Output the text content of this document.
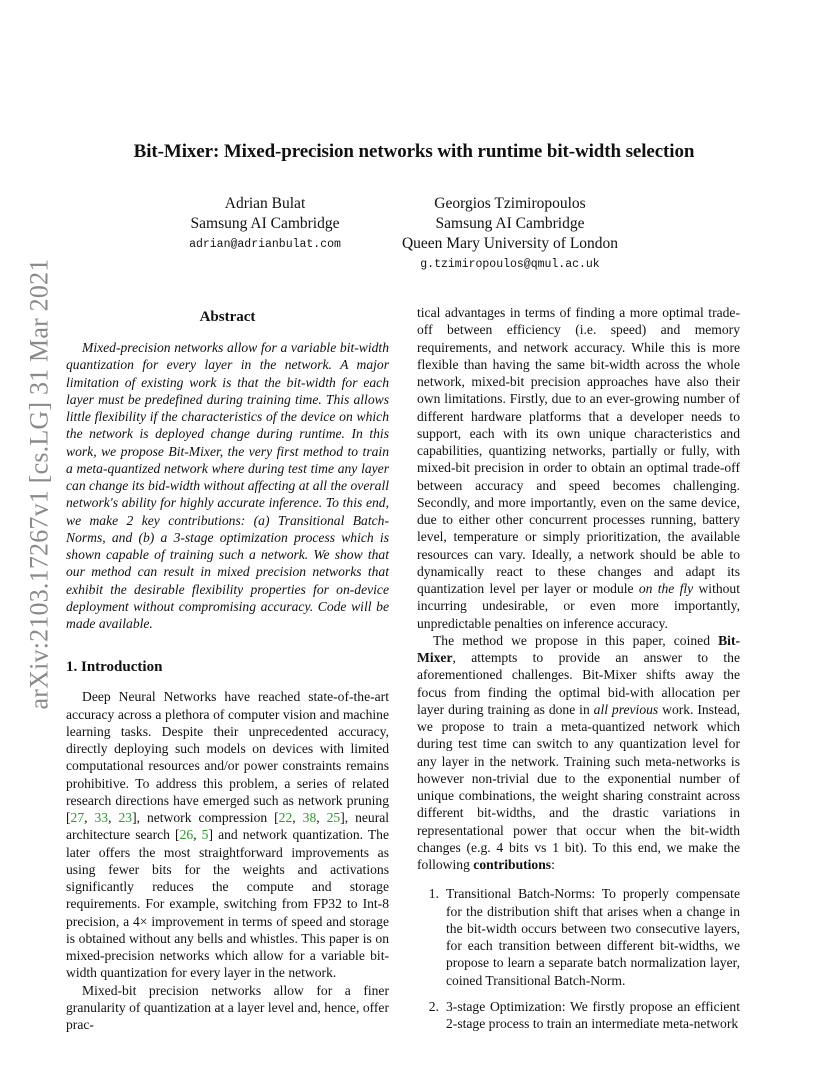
arXiv:2103.17267v1 [cs.LG] 31 Mar 2021
Bit-Mixer: Mixed-precision networks with runtime bit-width selection
Adrian Bulat
Samsung AI Cambridge
adrian@adrianbulat.com
Georgios Tzimiropoulos
Samsung AI Cambridge
Queen Mary University of London
g.tzimiropoulos@qmul.ac.uk
Abstract

Mixed-precision networks allow for a variable bit-width quantization for every layer in the network. A major limitation of existing work is that the bit-width for each layer must be predefined during training time. This allows little flexibility if the characteristics of the device on which the network is deployed change during runtime. In this work, we propose Bit-Mixer, the very first method to train a meta-quantized network where during test time any layer can change its bid-width without affecting at all the overall network's ability for highly accurate inference. To this end, we make 2 key contributions: (a) Transitional Batch-Norms, and (b) a 3-stage optimization process which is shown capable of training such a network. We show that our method can result in mixed precision networks that exhibit the desirable flexibility properties for on-device deployment without compromising accuracy. Code will be made available.

1. Introduction

Deep Neural Networks have reached state-of-the-art accuracy across a plethora of computer vision and machine learning tasks. Despite their unprecedented accuracy, directly deploying such models on devices with limited computational resources and/or power constraints remains prohibitive. To address this problem, a series of related research directions have emerged such as network pruning [27, 33, 23], network compression [22, 38, 25], neural architecture search [26, 5] and network quantization. The later offers the most straightforward improvements as using fewer bits for the weights and activations significantly reduces the compute and storage requirements. For example, switching from FP32 to Int-8 precision, a 4× improvement in terms of speed and storage is obtained without any bells and whistles. This paper is on mixed-precision networks which allow for a variable bit-width quantization for every layer in the network.

Mixed-bit precision networks allow for a finer granularity of quantization at a layer level and, hence, offer prac-

tical advantages in terms of finding a more optimal trade-off between efficiency (i.e. speed) and memory requirements, and network accuracy. While this is more flexible than having the same bit-width across the whole network, mixed-bit precision approaches have also their own limitations. Firstly, due to an ever-growing number of different hardware platforms that a developer needs to support, each with its own unique characteristics and capabilities, quantizing networks, partially or fully, with mixed-bit precision in order to obtain an optimal trade-off between accuracy and speed becomes challenging. Secondly, and more importantly, even on the same device, due to either other concurrent processes running, battery level, temperature or simply prioritization, the available resources can vary. Ideally, a network should be able to dynamically react to these changes and adapt its quantization level per layer or module on the fly without incurring undesirable, or even more importantly, unpredictable penalties on inference accuracy.

The method we propose in this paper, coined Bit-Mixer, attempts to provide an answer to the aforementioned challenges. Bit-Mixer shifts away the focus from finding the optimal bid-with allocation per layer during training as done in all previous work. Instead, we propose to train a meta-quantized network which during test time can switch to any quantization level for any layer in the network. Training such meta-networks is however non-trivial due to the exponential number of unique combinations, the weight sharing constraint across different bit-widths, and the drastic variations in representational power that occur when the bit-width changes (e.g. 4 bits vs 1 bit). To this end, we make the following contributions:

1. Transitional Batch-Norms: To properly compensate for the distribution shift that arises when a change in the bit-width occurs between two consecutive layers, for each transition between different bit-widths, we propose to learn a separate batch normalization layer, coined Transitional Batch-Norm.
2. 3-stage Optimization: We firstly propose an efficient 2-stage process to train an intermediate meta-network
